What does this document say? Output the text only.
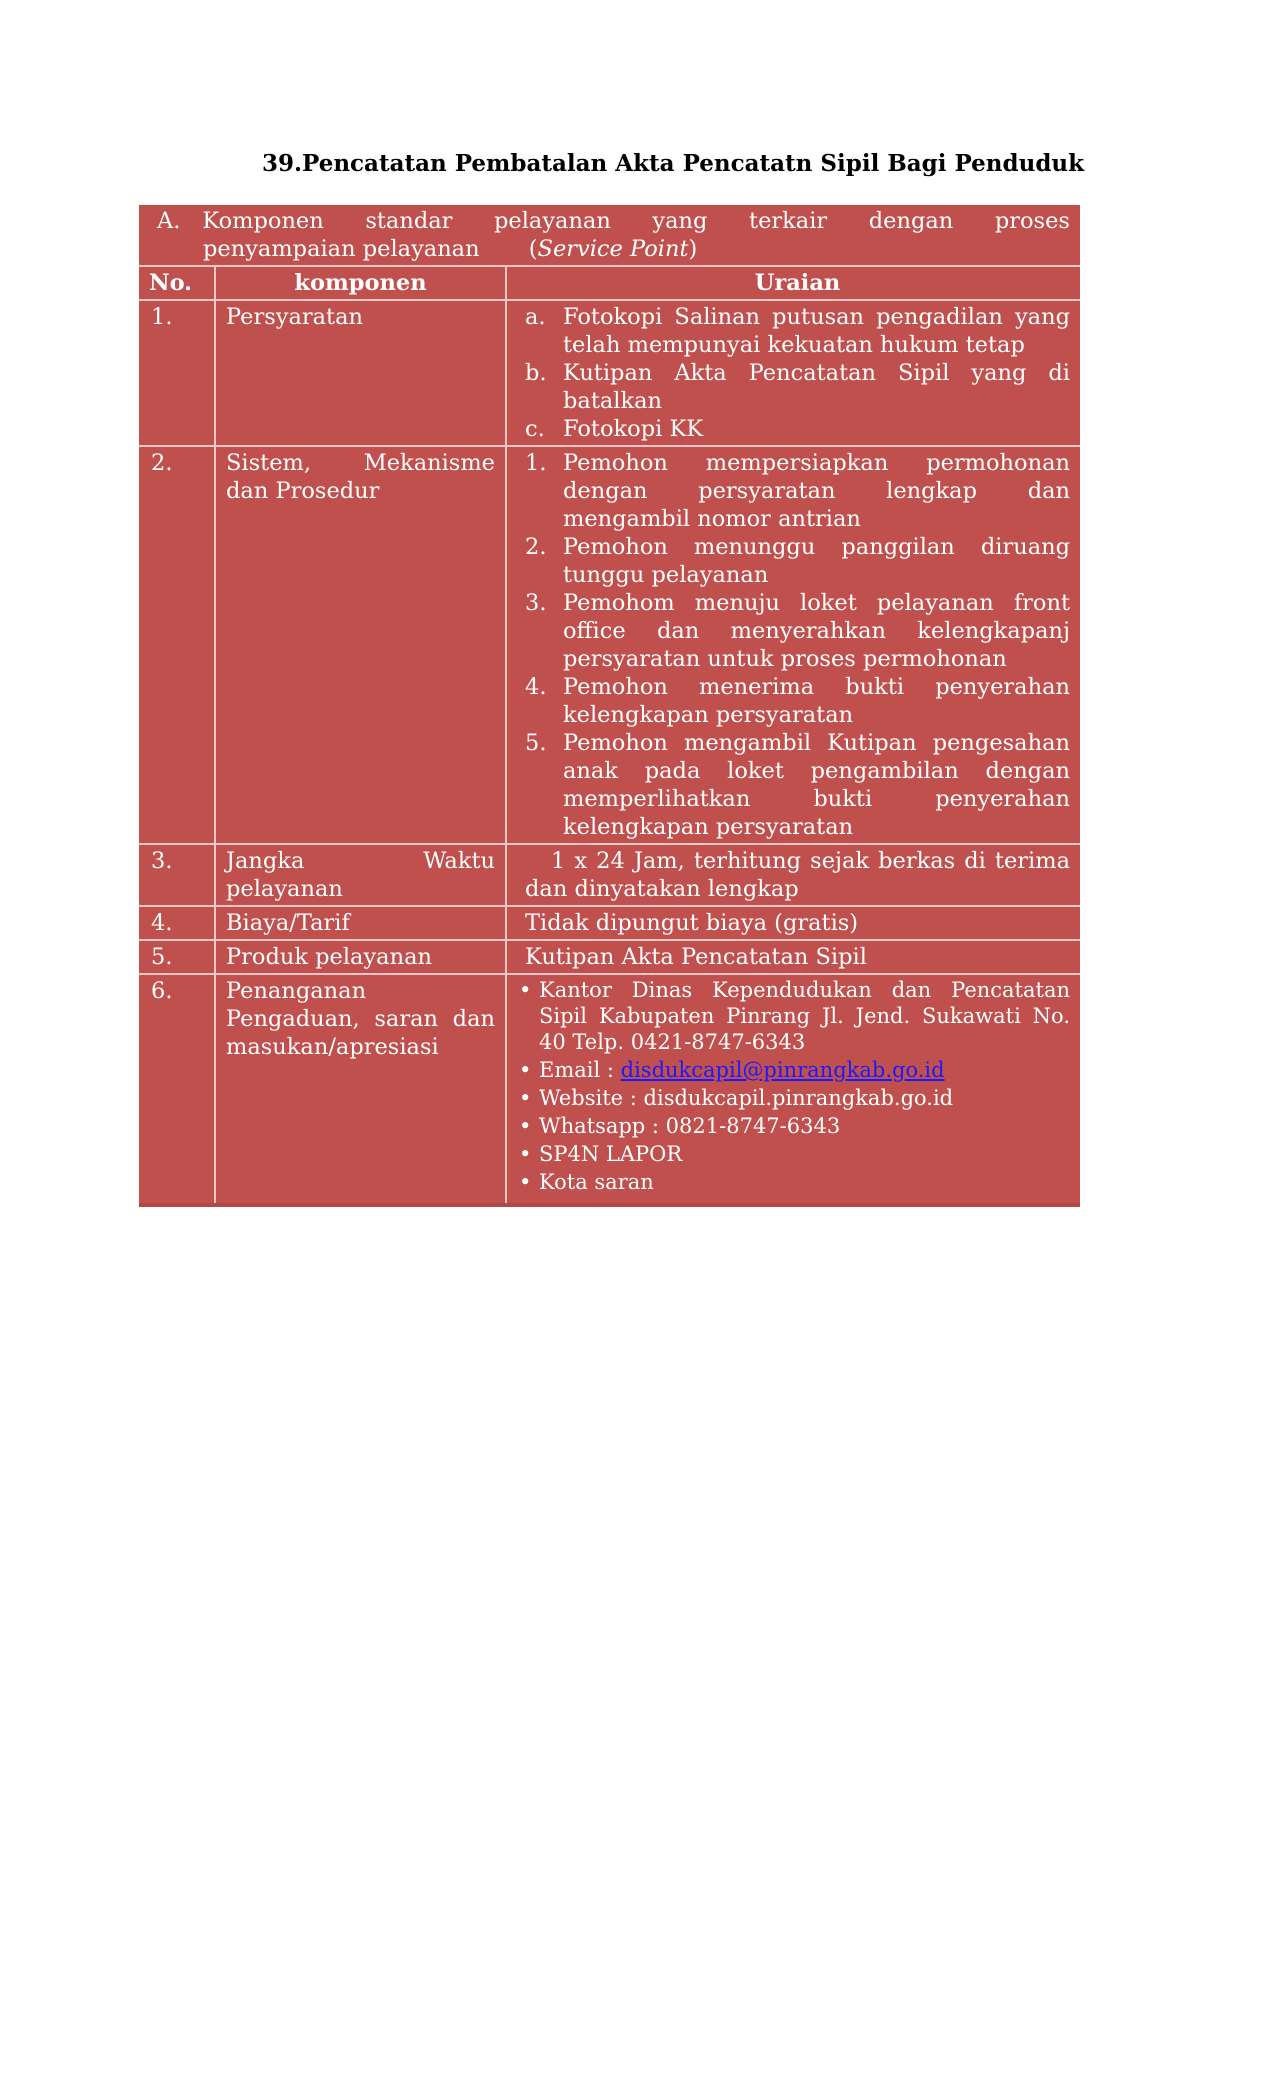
39.Pencatatan Pembatalan Akta Pencatatn Sipil Bagi Penduduk
A. Komponen standar pelayanan yang terkair dengan proses
penyampaian pelayanan (Service Point)
No.	komponen	Uraian
1.	Persyaratan	a. Fotokopi Salinan putusan pengadilan yang telah mempunyai kekuatan hukum tetap
b. Kutipan Akta Pencatatan Sipil yang di batalkan
c. Fotokopi KK
2.	Sistem, Mekanisme dan Prosedur
1. Pemohon mempersiapkan permohonan dengan persyaratan lengkap dan mengambil nomor antrian
2. Pemohon menunggu panggilan diruang tunggu pelayanan
3. Pemohom menuju loket pelayanan front office dan menyerahkan kelengkapanj persyaratan untuk proses permohonan
4. Pemohon menerima bukti penyerahan kelengkapan persyaratan
5. Pemohon mengambil Kutipan pengesahan anak pada loket pengambilan dengan memperlihatkan bukti penyerahan kelengkapan persyaratan
3.	Jangka Waktu pelayanan
1 x 24 Jam, terhitung sejak berkas di terima dan dinyatakan lengkap
4.	Biaya/Tarif	Tidak dipungut biaya (gratis)
5.	Produk pelayanan	Kutipan Akta Pencatatan Sipil
6.	Penanganan Pengaduan, saran dan masukan/apresiasi
• Kantor Dinas Kependudukan dan Pencatatan Sipil Kabupaten Pinrang Jl. Jend. Sukawati No. 40 Telp. 0421-8747-6343
• Email : disdukcapil@pinrangkab.go.id
• Website : disdukcapil.pinrangkab.go.id
• Whatsapp : 0821-8747-6343
• SP4N LAPOR
• Kota saran
